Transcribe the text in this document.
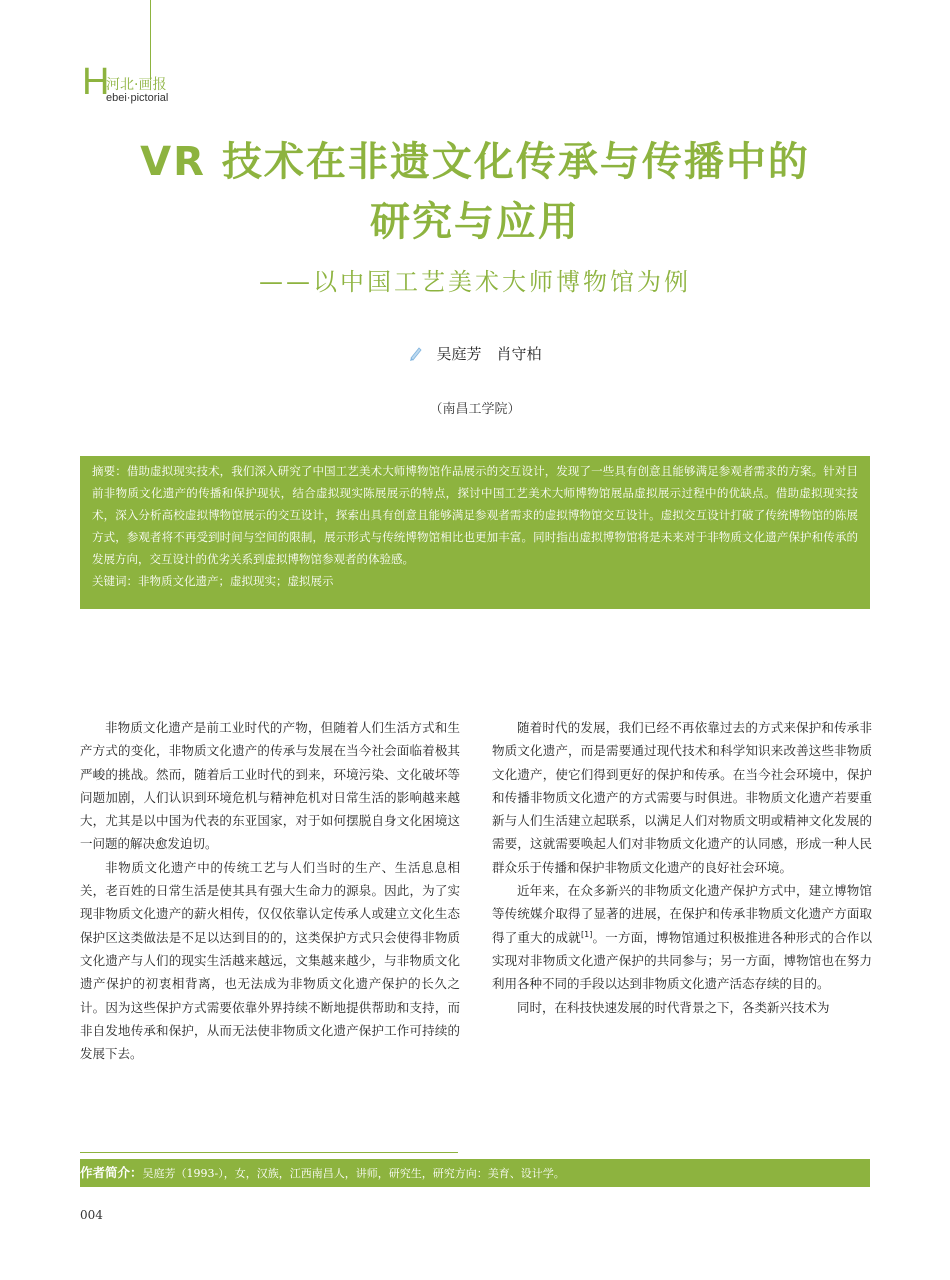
H
河北·画报
ebei·pictorial
VR 技术在非遗文化传承与传播中的
研究与应用
——以中国工艺美术大师博物馆为例
吴庭芳　肖守柏
（南昌工学院）

摘要：借助虚拟现实技术，我们深入研究了中国工艺美术大师博物馆作品展示的交互设计，发现了一些具有创意且能够满足参观者需求的方案。针对目前非物质文化遗产的传播和保护现状，结合虚拟现实陈展展示的特点，探讨中国工艺美术大师博物馆展品虚拟展示过程中的优缺点。借助虚拟现实技术，深入分析高校虚拟博物馆展示的交互设计，探索出具有创意且能够满足参观者需求的虚拟博物馆交互设计。虚拟交互设计打破了传统博物馆的陈展方式，参观者将不再受到时间与空间的限制，展示形式与传统博物馆相比也更加丰富。同时指出虚拟博物馆将是未来对于非物质文化遗产保护和传承的发展方向，交互设计的优劣关系到虚拟博物馆参观者的体验感。

关键词：非物质文化遗产；虚拟现实；虚拟展示

非物质文化遗产是前工业时代的产物，但随着人们生活方式和生产方式的变化，非物质文化遗产的传承与发展在当今社会面临着极其严峻的挑战。然而，随着后工业时代的到来，环境污染、文化破坏等问题加剧，人们认识到环境危机与精神危机对日常生活的影响越来越大，尤其是以中国为代表的东亚国家，对于如何摆脱自身文化困境这一问题的解决愈发迫切。

非物质文化遗产中的传统工艺与人们当时的生产、生活息息相关，老百姓的日常生活是使其具有强大生命力的源泉。因此，为了实现非物质文化遗产的薪火相传，仅仅依靠认定传承人或建立文化生态保护区这类做法是不足以达到目的的，这类保护方式只会使得非物质文化遗产与人们的现实生活越来越远，文集越来越少，与非物质文化遗产保护的初衷相背离，也无法成为非物质文化遗产保护的长久之计。因为这些保护方式需要依靠外界持续不断地提供帮助和支持，而非自发地传承和保护，从而无法使非物质文化遗产保护工作可持续的发展下去。

随着时代的发展，我们已经不再依靠过去的方式来保护和传承非物质文化遗产，而是需要通过现代技术和科学知识来改善这些非物质文化遗产，使它们得到更好的保护和传承。在当今社会环境中，保护和传播非物质文化遗产的方式需要与时俱进。非物质文化遗产若要重新与人们生活建立起联系，以满足人们对物质文明或精神文化发展的需要，这就需要唤起人们对非物质文化遗产的认同感，形成一种人民群众乐于传播和保护非物质文化遗产的良好社会环境。

近年来，在众多新兴的非物质文化遗产保护方式中，建立博物馆等传统媒介取得了显著的进展，在保护和传承非物质文化遗产方面取得了重大的成就[1]。一方面，博物馆通过积极推进各种形式的合作以实现对非物质文化遗产保护的共同参与；另一方面，博物馆也在努力利用各种不同的手段以达到非物质文化遗产活态存续的目的。

同时，在科技快速发展的时代背景之下，各类新兴技术为

作者简介：吴庭芳（1993-），女，汉族，江西南昌人，讲师，研究生，研究方向：美育、设计学。
004
